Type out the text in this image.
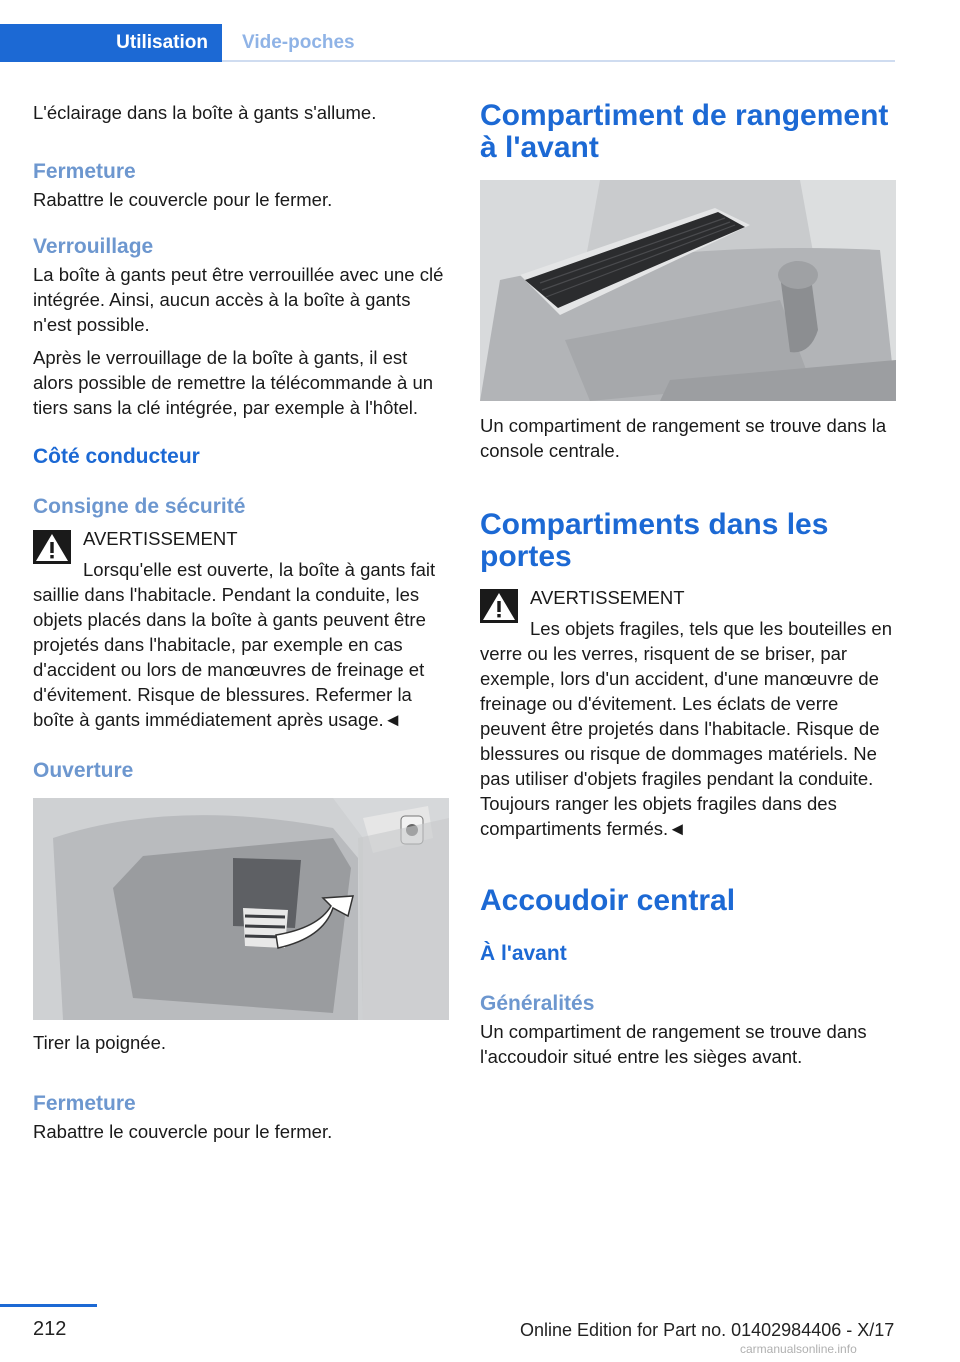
Utilisation	Vide-poches

L'éclairage dans la boîte à gants s'allume.

Fermeture

Rabattre le couvercle pour le fermer.

Verrouillage

La boîte à gants peut être verrouillée avec une clé intégrée. Ainsi, aucun accès à la boîte à gants n'est possible.

Après le verrouillage de la boîte à gants, il est alors possible de remettre la télécommande à un tiers sans la clé intégrée, par exemple à l'hôtel.

Côté conducteur
Consigne de sécurité
AVERTISSEMENT

Lorsqu'elle est ouverte, la boîte à gants fait saillie dans l'habitacle. Pendant la conduite, les objets placés dans la boîte à gants peuvent être projetés dans l'habitacle, par exemple en cas d'accident ou lors de manœuvres de freinage et d'évitement. Risque de blessures. Refermer la boîte à gants immédiatement après usage.◄

Ouverture

Tirer la poignée.

Fermeture

Rabattre le couvercle pour le fermer.

Compartiment de rangement à l'avant

Un compartiment de rangement se trouve dans la console centrale.

Compartiments dans les portes
AVERTISSEMENT

Les objets fragiles, tels que les bouteilles en verre ou les verres, risquent de se briser, par exemple, lors d'un accident, d'une manœuvre de freinage ou d'évitement. Les éclats de verre peuvent être projetés dans l'habitacle. Risque de blessures ou risque de dommages matériels. Ne pas utiliser d'objets fragiles pendant la conduite. Toujours ranger les objets fragiles dans des compartiments fermés.◄

Accoudoir central
À l'avant
Généralités

Un compartiment de rangement se trouve dans l'accoudoir situé entre les sièges avant.

212	Online Edition for Part no. 01402984406 - X/17
carmanualsonline.info
